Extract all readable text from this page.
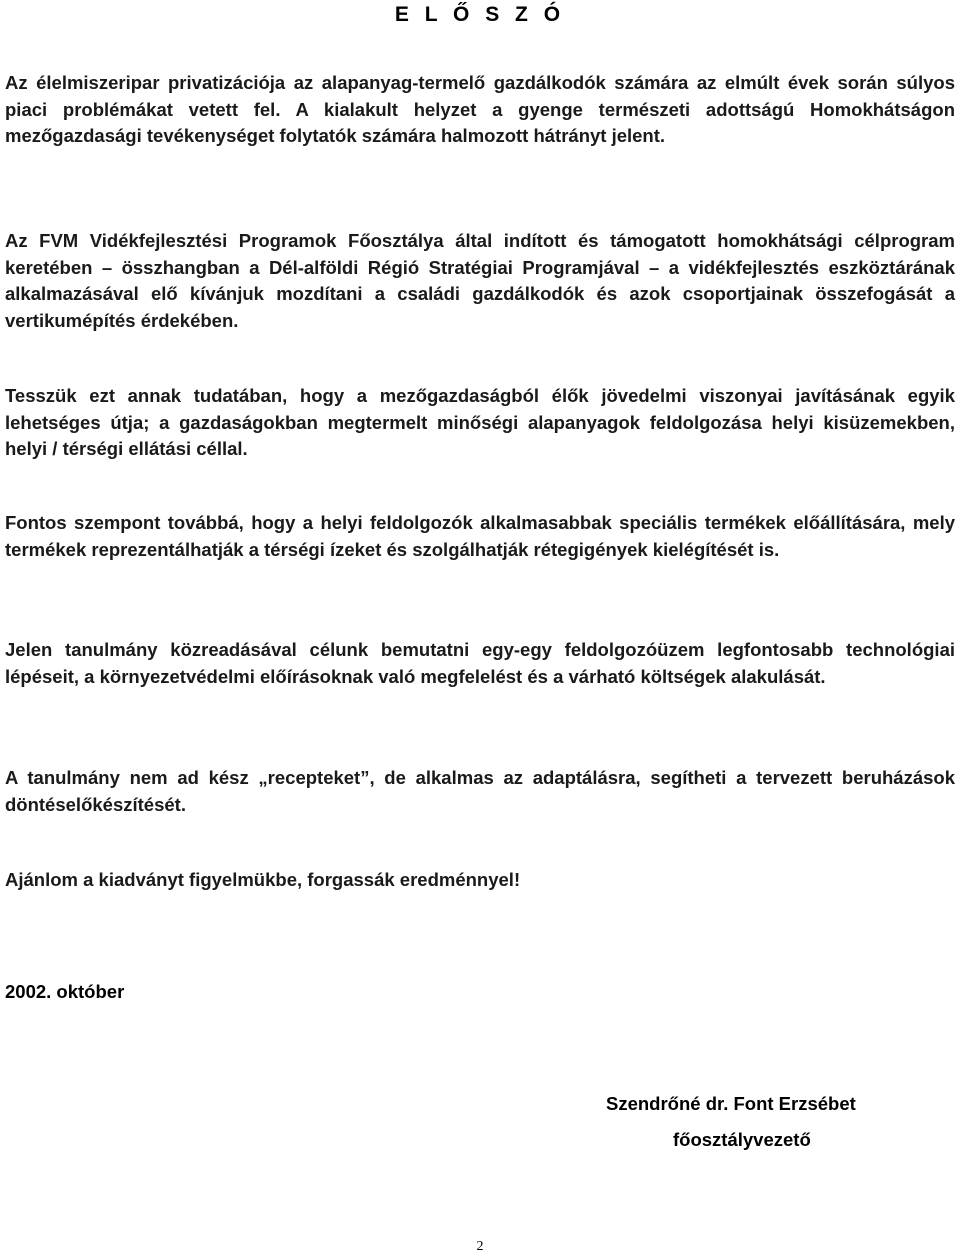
E L Ő S Z Ó

Az élelmiszeripar privatizációja az alapanyag-termelő gazdálkodók számára az elmúlt évek során súlyos piaci problémákat vetett fel. A kialakult helyzet a gyenge természeti adottságú Homokhátságon mezőgazdasági tevékenységet folytatók számára halmozott hátrányt jelent.

Az FVM Vidékfejlesztési Programok Főosztálya által indított és támogatott homokhátsági célprogram keretében – összhangban a Dél-alföldi Régió Stratégiai Programjával – a vidékfejlesztés eszköztárának alkalmazásával elő kívánjuk mozdítani a családi gazdálkodók és azok csoportjainak összefogását a vertikumépítés érdekében.

Tesszük ezt annak tudatában, hogy a mezőgazdaságból élők jövedelmi viszonyai javításának egyik lehetséges útja; a gazdaságokban megtermelt minőségi alapanyagok feldolgozása helyi kisüzemekben, helyi / térségi ellátási céllal.

Fontos szempont továbbá, hogy a helyi feldolgozók alkalmasabbak speciális termékek előállítására, mely termékek reprezentálhatják a térségi ízeket és szolgálhatják rétegigények kielégítését is.

Jelen tanulmány közreadásával célunk bemutatni egy-egy feldolgozóüzem legfontosabb technológiai lépéseit, a környezetvédelmi előírásoknak való megfelelést és a várható költségek alakulását.

A tanulmány nem ad kész „recepteket”, de alkalmas az adaptálásra, segítheti a tervezett beruházások döntéselőkészítését.

Ajánlom a kiadványt figyelmükbe, forgassák eredménnyel!

2002. október

Szendrőné dr. Font Erzsébet

főosztályvezető

2
